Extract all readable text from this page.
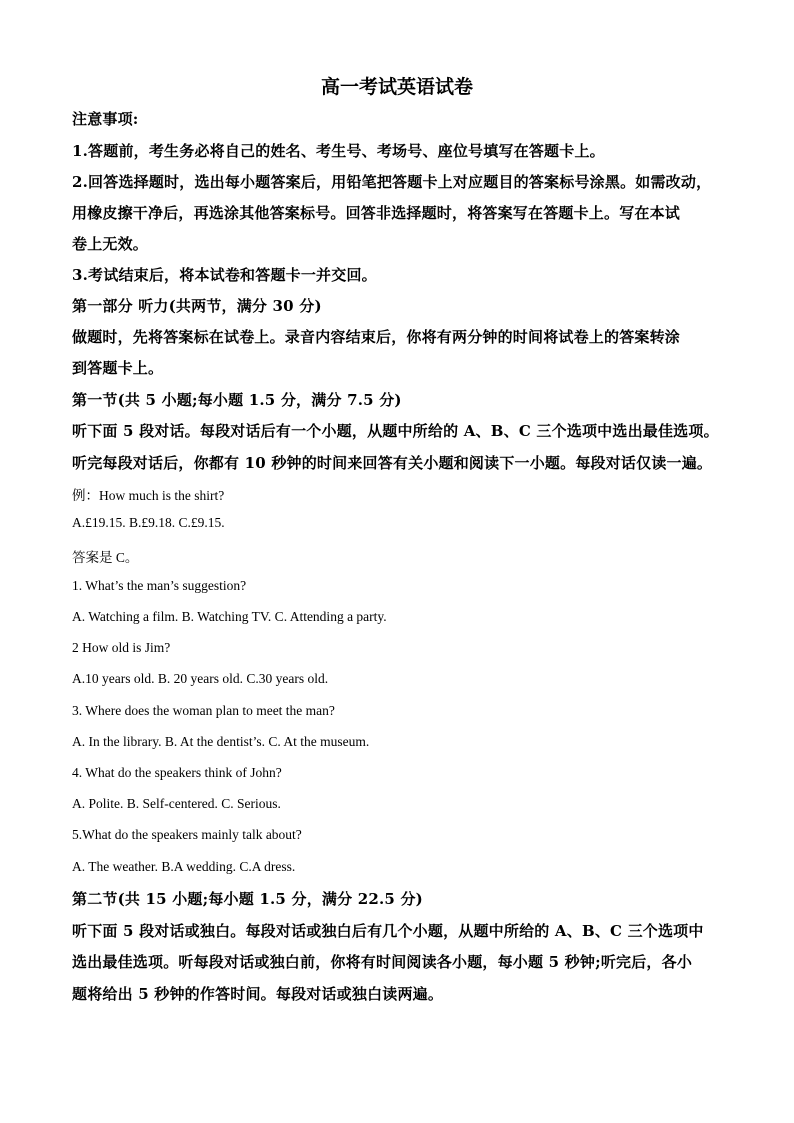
高一考试英语试卷
注意事项:
1.答题前，考生务必将自己的姓名、考生号、考场号、座位号填写在答题卡上。
2.回答选择题时，选出每小题答案后，用铅笔把答题卡上对应题目的答案标号涂黑。如需改动，
用橡皮擦干净后，再选涂其他答案标号。回答非选择题时，将答案写在答题卡上。写在本试
卷上无效。
3.考试结束后，将本试卷和答题卡一并交回。
第一部分 听力(共两节，满分 30 分)
做题时，先将答案标在试卷上。录音内容结束后，你将有两分钟的时间将试卷上的答案转涂
到答题卡上。
第一节(共 5 小题;每小题 1.5 分，满分 7.5 分)
听下面 5 段对话。每段对话后有一个小题，从题中所给的 A、B、C 三个选项中选出最佳选项。
听完每段对话后，你都有 10 秒钟的时间来回答有关小题和阅读下一小题。每段对话仅读一遍。
例：How much is the shirt?
A.£19.15. B.£9.18. C.£9.15.
答案是 C。
1. What’s the man’s suggestion?
A. Watching a film. B. Watching TV. C. Attending a party.
2 How old is Jim?
A.10 years old. B. 20 years old. C.30 years old.
3. Where does the woman plan to meet the man?
A. In the library. B. At the dentist’s. C. At the museum.
4. What do the speakers think of John?
A. Polite. B. Self-centered. C. Serious.
5.What do the speakers mainly talk about?
A. The weather. B.A wedding. C.A dress.
第二节(共 15 小题;每小题 1.5 分，满分 22.5 分)
听下面 5 段对话或独白。每段对话或独白后有几个小题，从题中所给的 A、B、C 三个选项中
选出最佳选项。听每段对话或独白前，你将有时间阅读各小题，每小题 5 秒钟;听完后，各小
题将给出 5 秒钟的作答时间。每段对话或独白读两遍。
